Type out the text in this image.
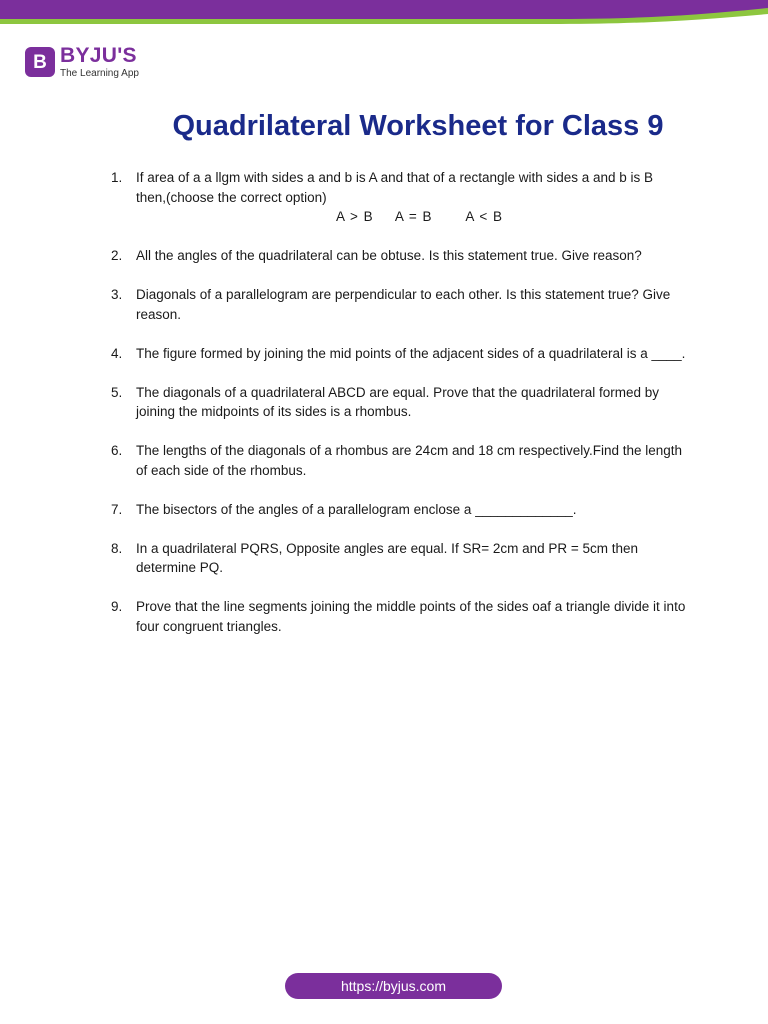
B BYJU'S
The Learning App
Quadrilateral Worksheet for Class 9
1. If area of a a llgm with sides a and b is A and that of a rectangle with sides a and b is B then,(choose the correct option)
A > B    A = B      A < B
2. All the angles of the quadrilateral can be obtuse. Is this statement true. Give reason?
3. Diagonals of a parallelogram are perpendicular to each other. Is this statement true? Give reason.
4. The figure formed by joining the mid points of the adjacent sides of a quadrilateral is a ____.
5. The diagonals of a quadrilateral ABCD are equal. Prove that the quadrilateral formed by joining the midpoints of its sides is a rhombus.
6. The lengths of the diagonals of a rhombus are 24cm and 18 cm respectively.Find the length of each side of the rhombus.
7. The bisectors of the angles of a parallelogram enclose a _____________.
8. In a quadrilateral PQRS, Opposite angles are equal. If SR= 2cm and PR = 5cm then determine PQ.
9. Prove that the line segments joining the middle points of the sides oaf a triangle divide it into four congruent triangles.
https://byjus.com
